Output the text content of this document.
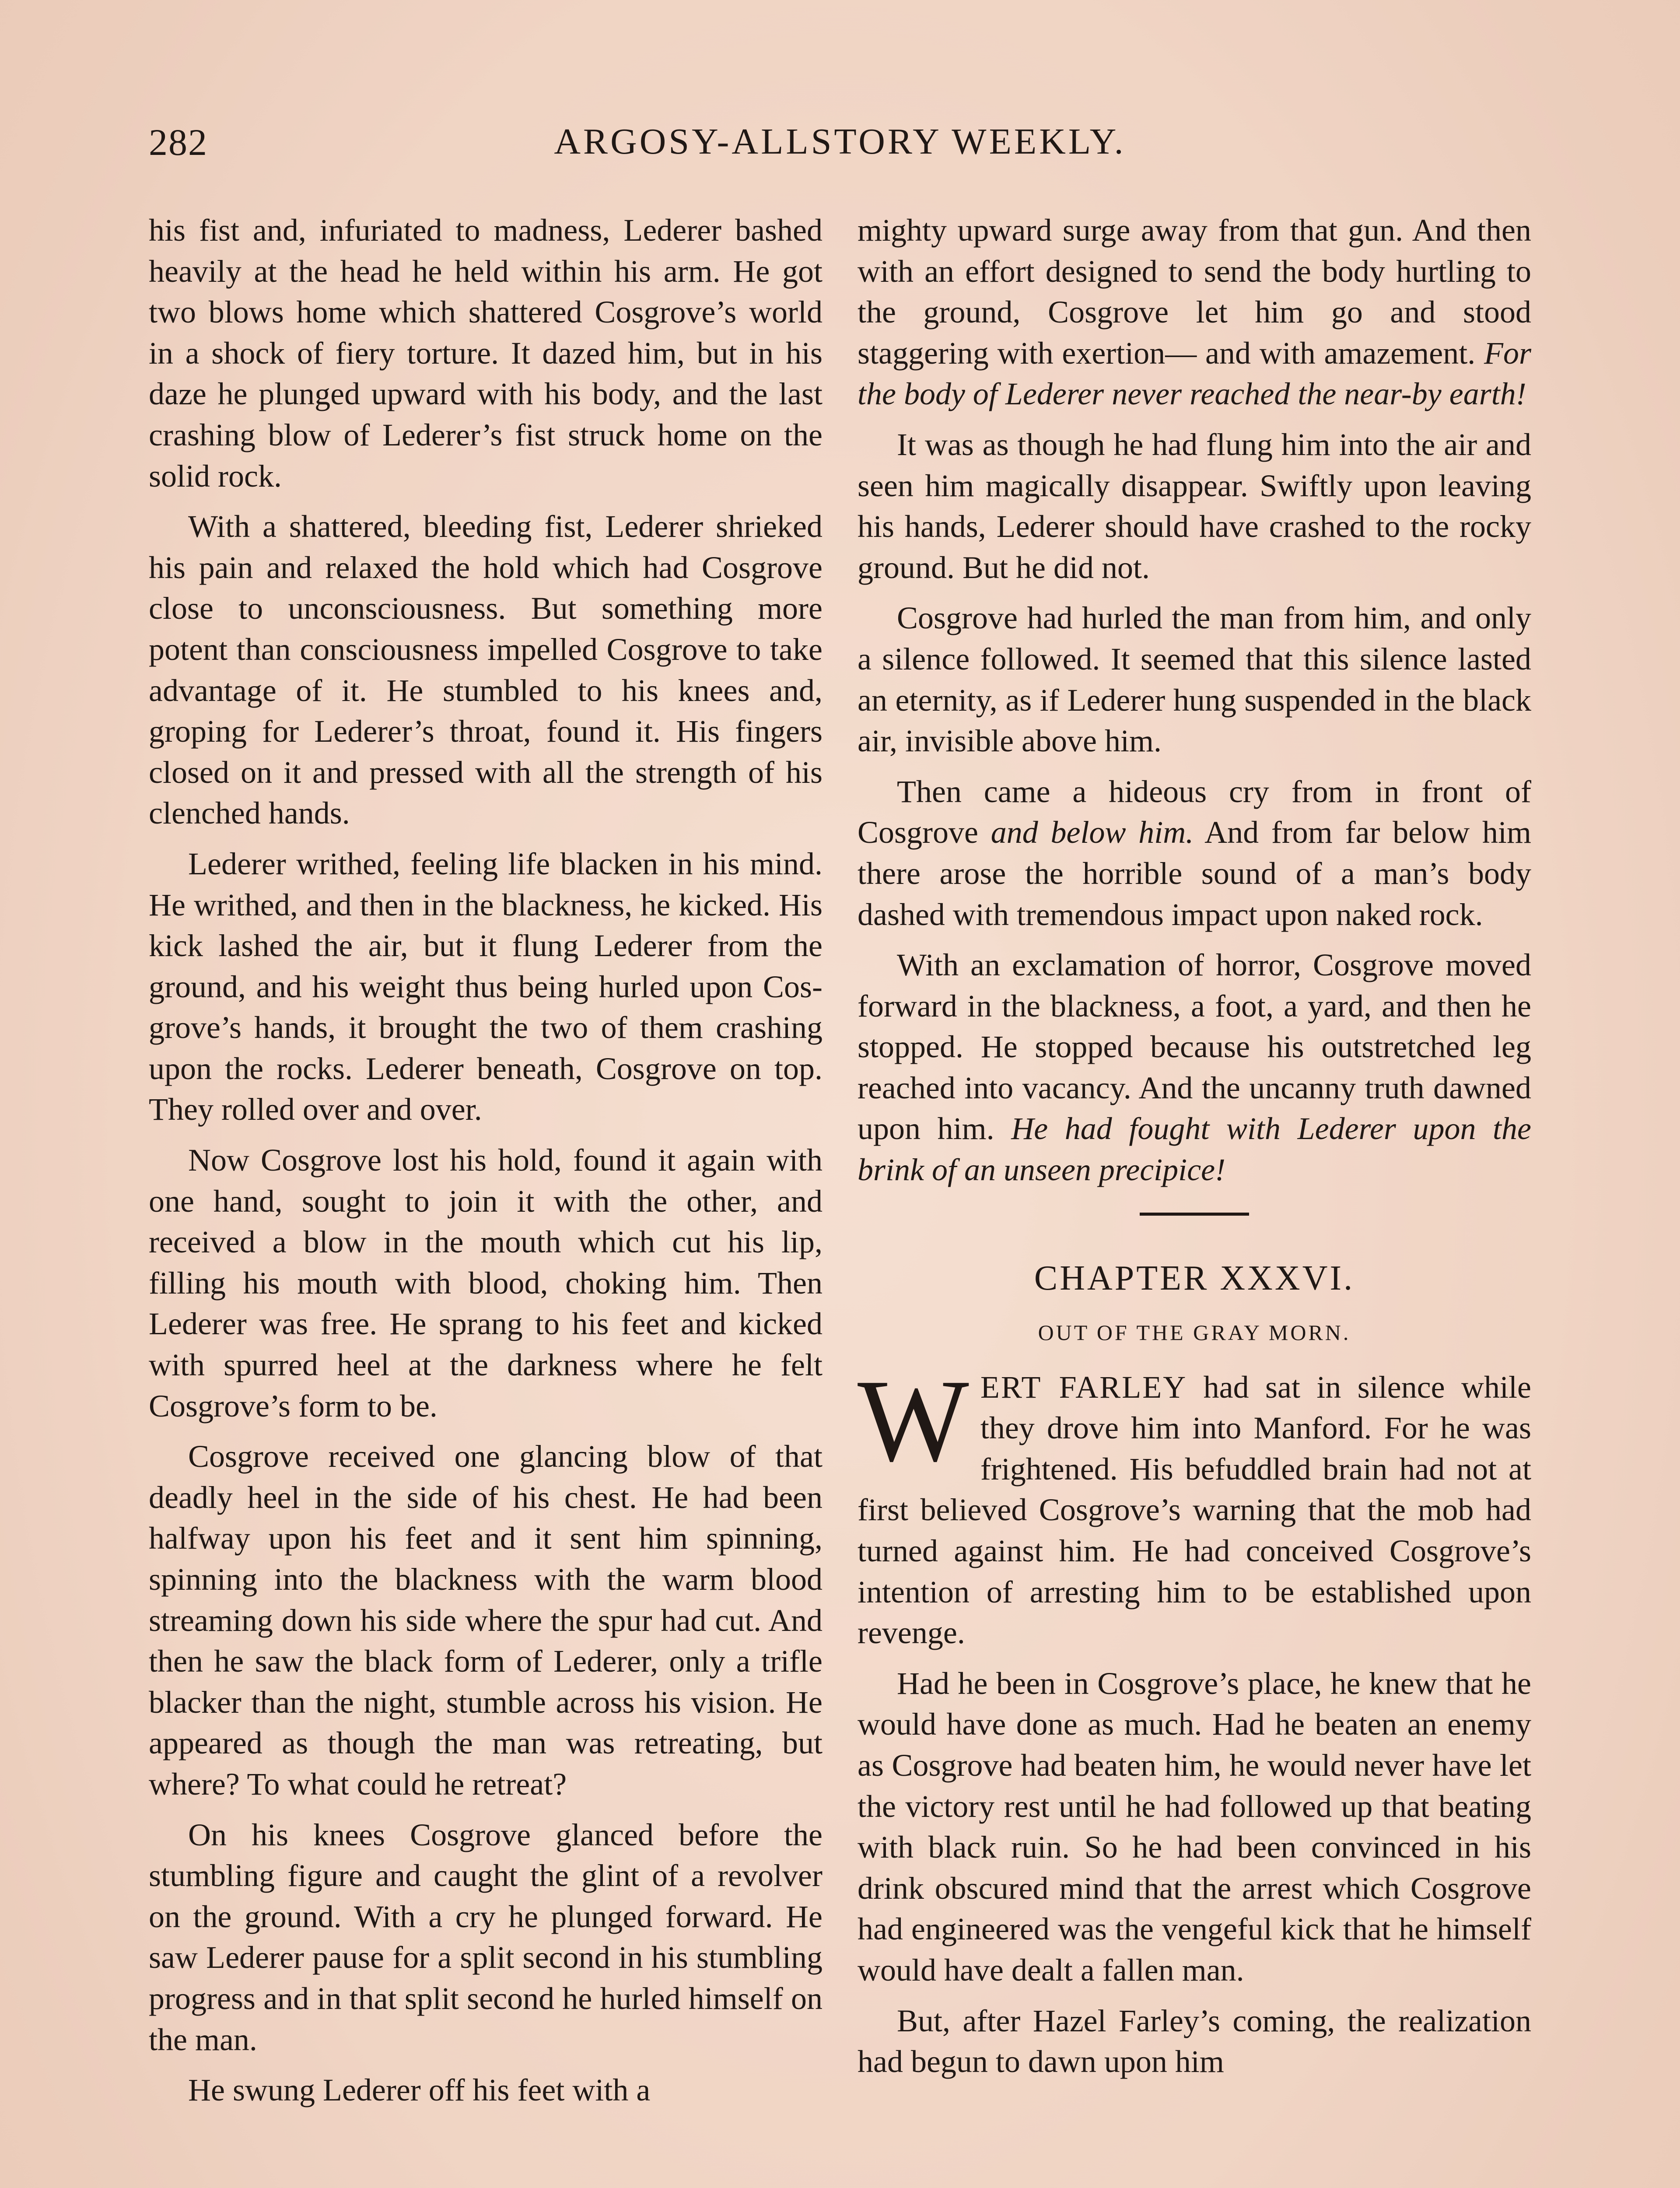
282	ARGOSY-ALLSTORY WEEKLY.

his fist and, infuriated to madness, Lederer bashed heavily at the head he held within his arm. He got two blows home which shattered Cosgrove’s world in a shock of fiery torture. It dazed him, but in his daze he plunged upward with his body, and the last crashing blow of Lederer’s fist struck home on the solid rock.

With a shattered, bleeding fist, Lederer shrieked his pain and relaxed the hold which had Cosgrove close to unconsciousness. But something more potent than consciousness impelled Cosgrove to take advantage of it. He stumbled to his knees and, groping for Lederer’s throat, found it. His fingers closed on it and pressed with all the strength of his clenched hands.

Lederer writhed, feeling life blacken in his mind. He writhed, and then in the blackness, he kicked. His kick lashed the air, but it flung Lederer from the ground, and his weight thus being hurled upon Cosgrove’s hands, it brought the two of them crashing upon the rocks. Lederer beneath, Cosgrove on top. They rolled over and over.

Now Cosgrove lost his hold, found it again with one hand, sought to join it with the other, and received a blow in the mouth which cut his lip, filling his mouth with blood, choking him. Then Lederer was free. He sprang to his feet and kicked with spurred heel at the darkness where he felt Cosgrove’s form to be.

Cosgrove received one glancing blow of that deadly heel in the side of his chest. He had been halfway upon his feet and it sent him spinning, spinning into the blackness with the warm blood streaming down his side where the spur had cut. And then he saw the black form of Lederer, only a trifle blacker than the night, stumble across his vision. He appeared as though the man was retreating, but where? To what could he retreat?

On his knees Cosgrove glanced before the stumbling figure and caught the glint of a revolver on the ground. With a cry he plunged forward. He saw Lederer pause for a split second in his stumbling progress and in that split second he hurled himself on the man.

He swung Lederer off his feet with a

mighty upward surge away from that gun. And then with an effort designed to send the body hurtling to the ground, Cosgrove let him go and stood staggering with exertion— and with amazement. For the body of Lederer never reached the near-by earth!

It was as though he had flung him into the air and seen him magically disappear. Swiftly upon leaving his hands, Lederer should have crashed to the rocky ground. But he did not.

Cosgrove had hurled the man from him, and only a silence followed. It seemed that this silence lasted an eternity, as if Lederer hung suspended in the black air, invisible above him.

Then came a hideous cry from in front of Cosgrove and below him. And from far below him there arose the horrible sound of a man’s body dashed with tremendous impact upon naked rock.

With an exclamation of horror, Cosgrove moved forward in the blackness, a foot, a yard, and then he stopped. He stopped because his outstretched leg reached into vacancy. And the uncanny truth dawned upon him. He had fought with Lederer upon the brink of an unseen precipice!

CHAPTER XXXVI.
OUT OF THE GRAY MORN.

WERT FARLEY had sat in silence while they drove him into Manford. For he was frightened. His befuddled brain had not at first believed Cosgrove’s warning that the mob had turned against him. He had conceived Cosgrove’s intention of arresting him to be established upon revenge.

Had he been in Cosgrove’s place, he knew that he would have done as much. Had he beaten an enemy as Cosgrove had beaten him, he would never have let the victory rest until he had followed up that beating with black ruin. So he had been convinced in his drink obscured mind that the arrest which Cosgrove had engineered was the vengeful kick that he himself would have dealt a fallen man.

But, after Hazel Farley’s coming, the realization had begun to dawn upon him
